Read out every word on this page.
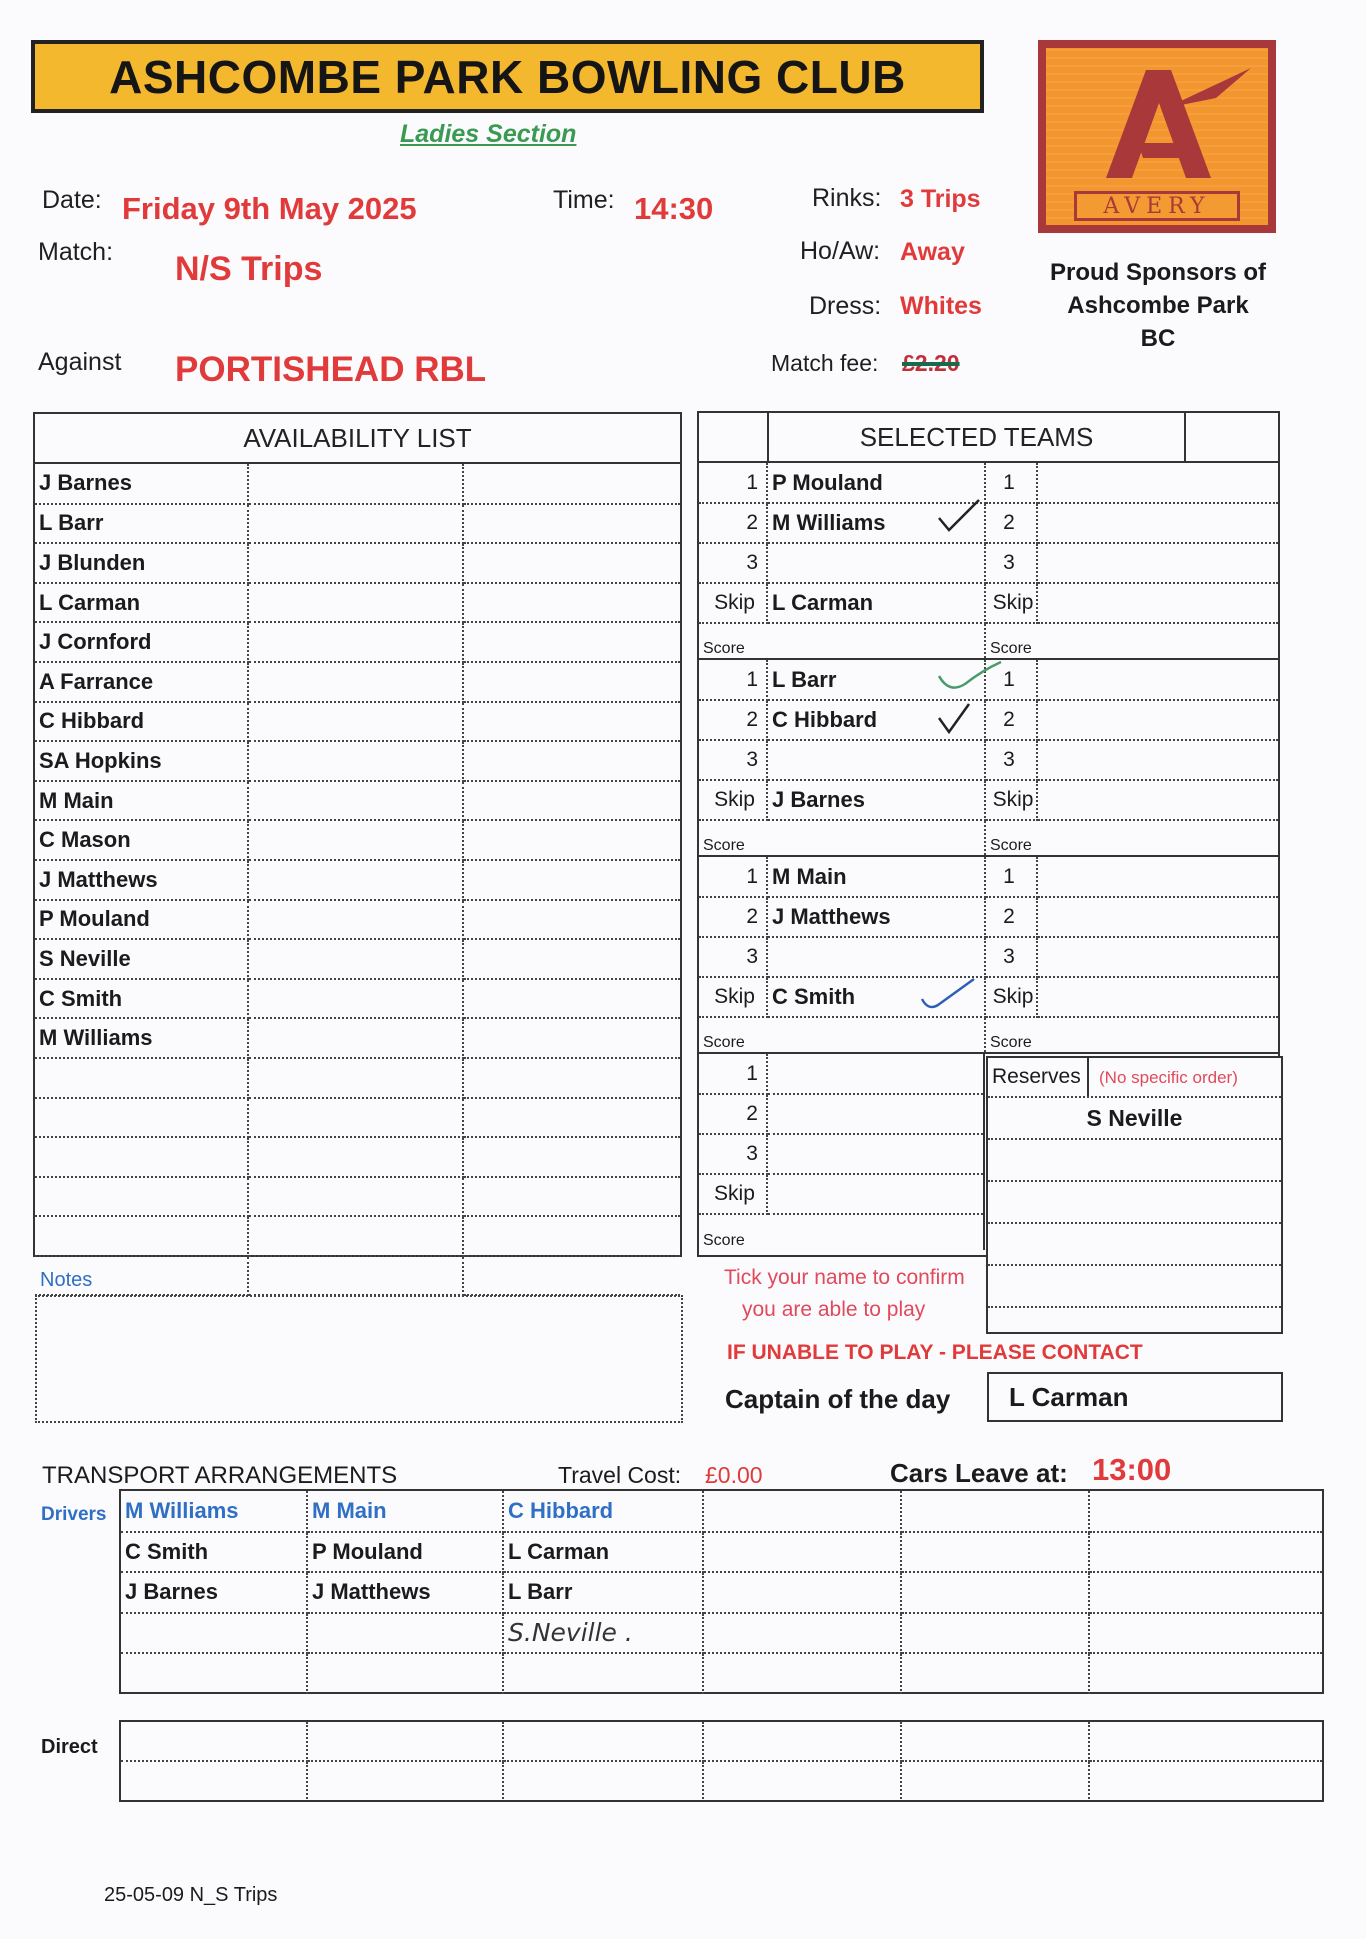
ASHCOMBE PARK BOWLING CLUB
Ladies Section
Date: Friday 9th May 2025	Time: 14:30	Rinks: 3 Trips
Match: N/S Trips	Ho/Aw: Away
Dress: Whites
Against PORTISHEAD RBL	Match fee: £2.20
AVERY
Proud Sponsors of
Ashcombe Park
BC
AVAILABILITY LIST
J Barnes		
L Barr		
J Blunden		
L Carman		
J Cornford		
A Farrance		
C Hibbard		
SA Hopkins		
M Main		
C Mason		
J Matthews		
P Mouland		
S Neville		
C Smith		
M Williams		

SELECTED TEAMS
1	P Mouland	1	
2	M Williams	2	
3		3	
Skip	L Carman	Skip	
Score		Score	
1	L Barr	1	
2	C Hibbard	2	
3		3	
Skip	J Barnes	Skip	
Score		Score	
1	M Main	1	
2	J Matthews	2	
3		3	
Skip	C Smith	Skip	
Score		Score	
1	
2	
3	
Skip	
Score	
Reserves	(No specific order)
S Neville
Notes	Tick your name to confirm
you are able to play
IF UNABLE TO PLAY - PLEASE CONTACT
Captain of the day	L Carman
TRANSPORT ARRANGEMENTS	Travel Cost: £0.00	Cars Leave at: 13:00
Drivers M Williams	M Main	C Hibbard			
C Smith	P Mouland	L Carman			
J Barnes	J Matthews	L Barr			
		S.Neville .			

Direct

25-05-09 N_S Trips
